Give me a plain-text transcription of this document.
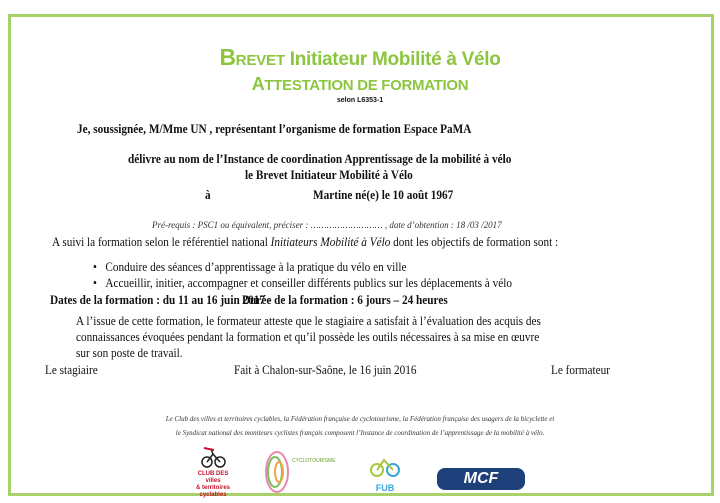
BREVET Initiateur Mobilité à Vélo
ATTESTATION DE FORMATION
selon L6353-1
Je, soussignée, M/Mme UN , représentant l’organisme de formation Espace PaMA
délivre au nom de l’Instance de coordination Apprentissage de la mobilité à vélo
le Brevet Initiateur Mobilité à Vélo
à	Martine né(e) le 10 août 1967
Pré-requis : PSC1 ou équivalent, préciser : ……………………… , date d’obtention : 18 /03 /2017
A suivi la formation selon le référentiel national Initiateurs Mobilité à Vélo dont les objectifs de formation sont :
•   Conduire des séances d’apprentissage à la pratique du vélo en ville
•   Accueillir, initier, accompagner et conseiller différents publics sur les déplacements à vélo
Dates de la formation : du 11 au 16 juin 2017 -
Durée de la formation : 6 jours – 24 heures
A l’issue de cette formation, le formateur atteste que le stagiaire a satisfait à l’évaluation des acquis des
connaissances évoquées pendant la formation et qu’il possède les outils nécessaires à sa mise en œuvre
sur son poste de travail.
Le stagiaire	Fait à Chalon-sur-Saône, le 16 juin 2016	Le formateur
Le Club des villes et territoires cyclables, la Fédération française de cyclotourisme, la Fédération française des usagers de la bicyclette et
le Syndicat national des moniteurs cyclistes français composent l’Instance de coordination de l’apprentissage de la mobilité à vélo.
CLUB DES villes
& territoires
cyclables
CYCLOTOURISME
FUB
MCF
